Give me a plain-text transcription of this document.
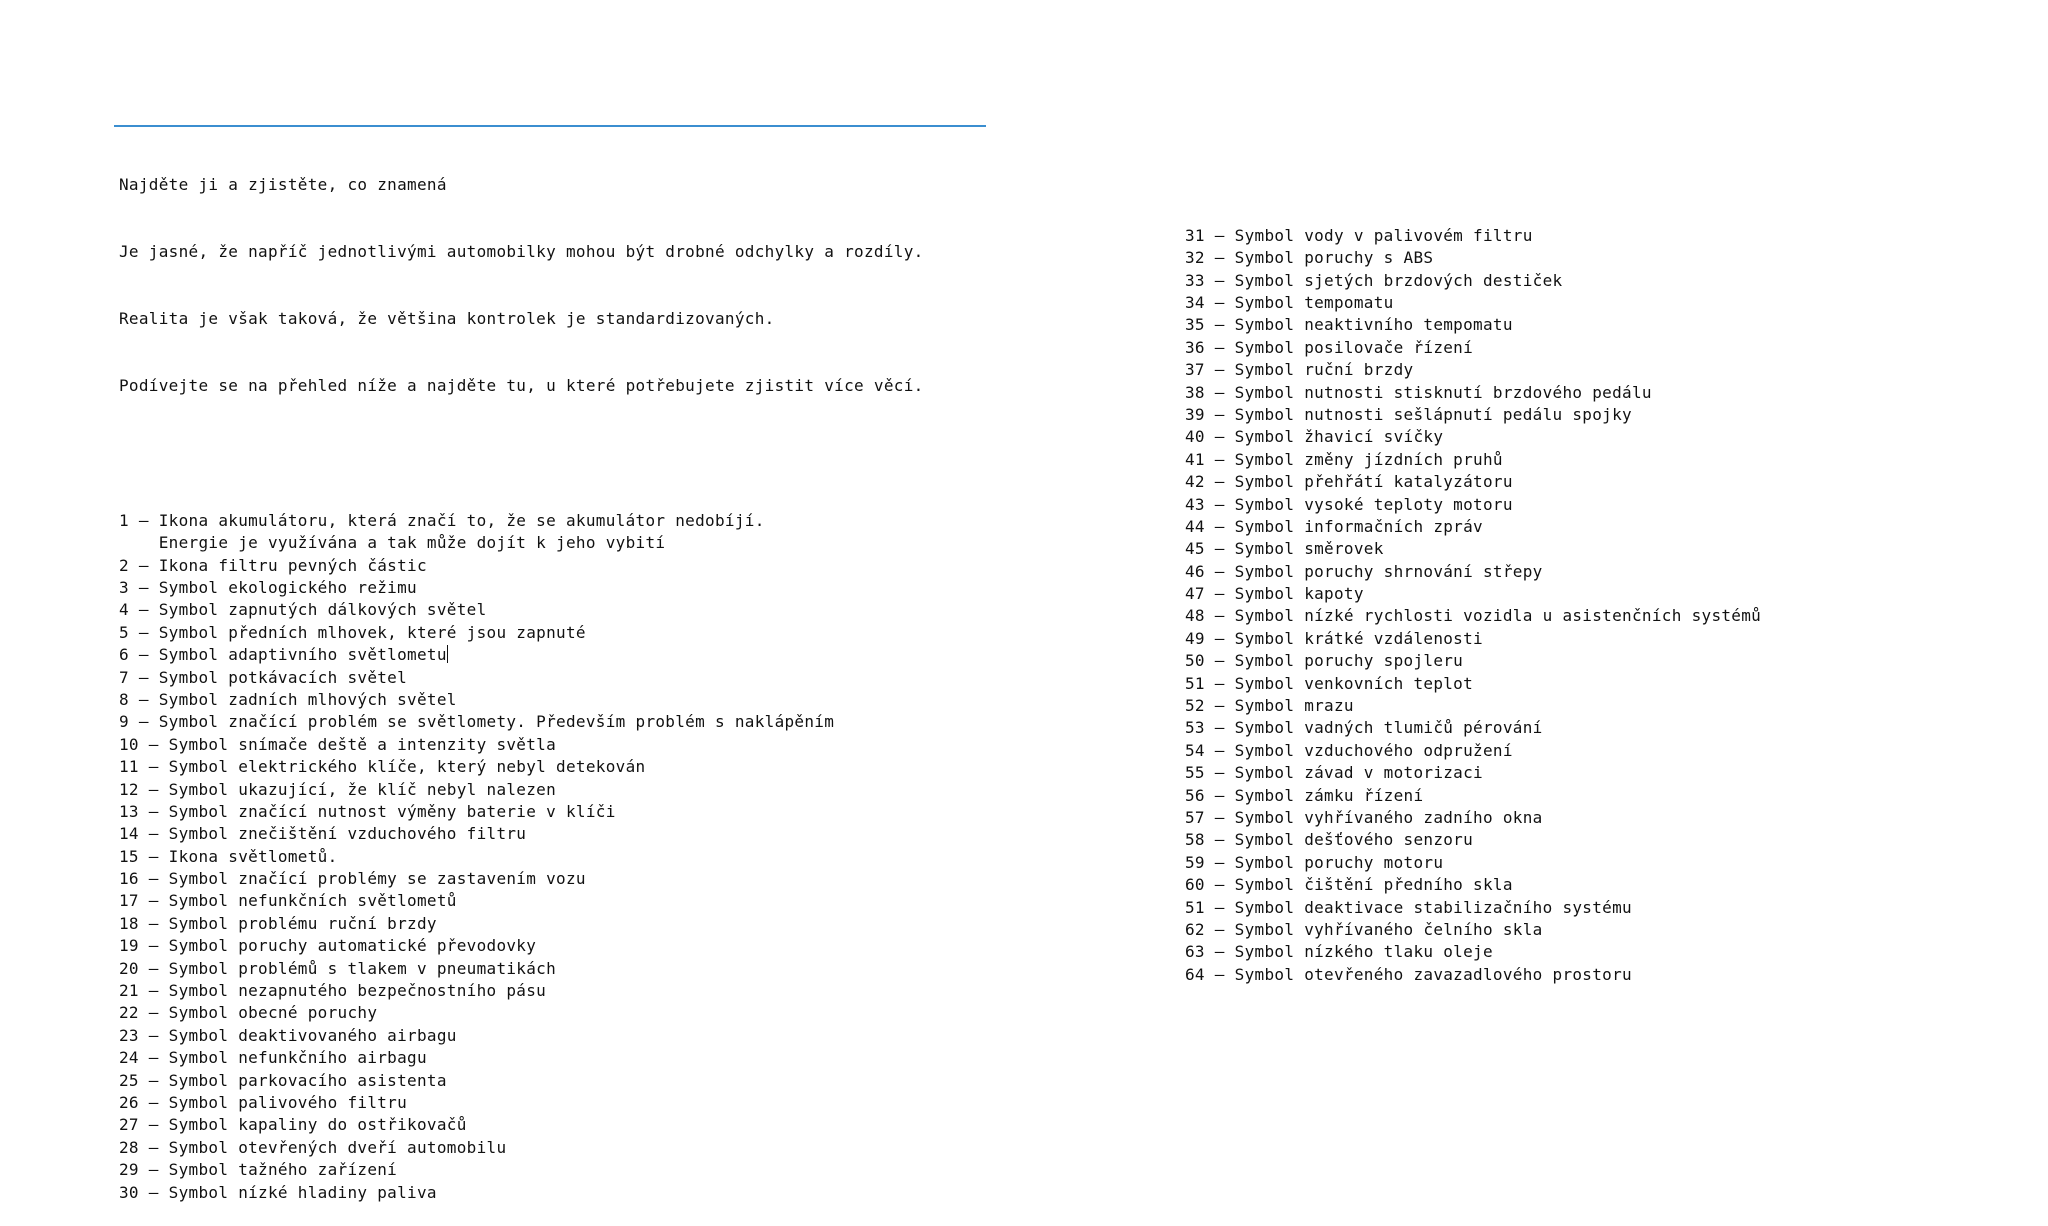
Najděte ji a zjistěte, co znamená

Je jasné, že napříč jednotlivými automobilky mohou být drobné odchylky a rozdíly.

Realita je však taková, že většina kontrolek je standardizovaných.

Podívejte se na přehled níže a najděte tu, u které potřebujete zjistit více věcí.

1 – Ikona akumulátoru, která značí to, že se akumulátor nedobíjí.
Energie je využívána a tak může dojít k jeho vybití
2 – Ikona filtru pevných částic
3 – Symbol ekologického režimu
4 – Symbol zapnutých dálkových světel
5 – Symbol předních mlhovek, které jsou zapnuté
6 – Symbol adaptivního světlometu
7 – Symbol potkávacích světel
8 – Symbol zadních mlhových světel
9 – Symbol značící problém se světlomety. Především problém s naklápěním
10 – Symbol snímače deště a intenzity světla
11 – Symbol elektrického klíče, který nebyl detekován
12 – Symbol ukazující, že klíč nebyl nalezen
13 – Symbol značící nutnost výměny baterie v klíči
14 – Symbol znečištění vzduchového filtru
15 – Ikona světlometů.
16 – Symbol značící problémy se zastavením vozu
17 – Symbol nefunkčních světlometů
18 – Symbol problému ruční brzdy
19 – Symbol poruchy automatické převodovky
20 – Symbol problémů s tlakem v pneumatikách
21 – Symbol nezapnutého bezpečnostního pásu
22 – Symbol obecné poruchy
23 – Symbol deaktivovaného airbagu
24 – Symbol nefunkčního airbagu
25 – Symbol parkovacího asistenta
26 – Symbol palivového filtru
27 – Symbol kapaliny do ostřikovačů
28 – Symbol otevřených dveří automobilu
29 – Symbol tažného zařízení
30 – Symbol nízké hladiny paliva

31 – Symbol vody v palivovém filtru
32 – Symbol poruchy s ABS
33 – Symbol sjetých brzdových destiček
34 – Symbol tempomatu
35 – Symbol neaktivního tempomatu
36 – Symbol posilovače řízení
37 – Symbol ruční brzdy
38 – Symbol nutnosti stisknutí brzdového pedálu
39 – Symbol nutnosti sešlápnutí pedálu spojky
40 – Symbol žhavicí svíčky
41 – Symbol změny jízdních pruhů
42 – Symbol přehřátí katalyzátoru
43 – Symbol vysoké teploty motoru
44 – Symbol informačních zpráv
45 – Symbol směrovek
46 – Symbol poruchy shrnování střepy
47 – Symbol kapoty
48 – Symbol nízké rychlosti vozidla u asistenčních systémů
49 – Symbol krátké vzdálenosti
50 – Symbol poruchy spojleru
51 – Symbol venkovních teplot
52 – Symbol mrazu
53 – Symbol vadných tlumičů pérování
54 – Symbol vzduchového odpružení
55 – Symbol závad v motorizaci
56 – Symbol zámku řízení
57 – Symbol vyhřívaného zadního okna
58 – Symbol dešťového senzoru
59 – Symbol poruchy motoru
60 – Symbol čištění předního skla
51 – Symbol deaktivace stabilizačního systému
62 – Symbol vyhřívaného čelního skla
63 – Symbol nízkého tlaku oleje
64 – Symbol otevřeného zavazadlového prostoru
